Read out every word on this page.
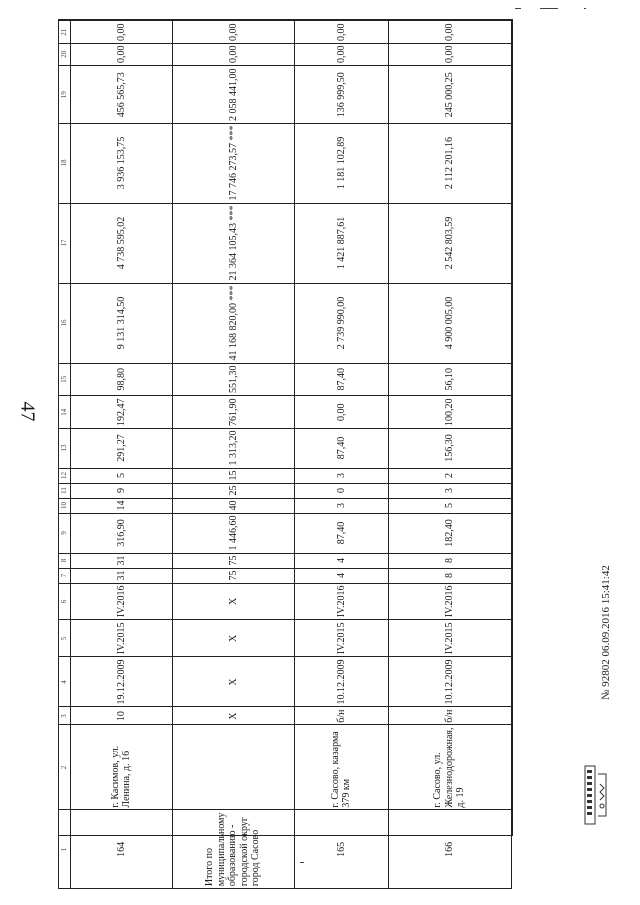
47
0,00	0,00	245 000,25	2 112 201,16	2 542 803,59	4 900 005,00	56,10	100,20	156,30	2	3	5	182,40	8	8	IV.2016	IV.2015	10.12.2009	б/н	г. Сасово, ул. Железнодорожная, д. 19	166
0,00	0,00	136 999,50	1 181 102,89	1 421 887,61	2 739 990,00	87,40	0,00	87,40	3	0	3	87,40	4	4	IV.2016	IV.2015	10.12.2009	б/н	г. Сасово, казарма 379 км	165
0,00	0,00	2 058 441,00	17 746 273,57 ***	21 364 105,43 ***	41 168 820,00 ***	551,30	761,90	1 313,20	15	25	40	1 446,60	75	75	X	X	X	X		Итого по муниципальному образованию - городской округ город Сасово
0,00	0,00	456 565,73	3 936 153,75	4 738 595,02	9 131 314,50	98,80	192,47	291,27	5	9	14	316,90	31	31	IV.2016	IV.2015	19.12.2009	10	г. Касимов, ул. Ленина, д. 16	164
21	20	19	18	17	16	15	14	13	12	11	10	9	8	7	6	5	4	3	2	1
№ 92802 06.09.2016 15:41:42
